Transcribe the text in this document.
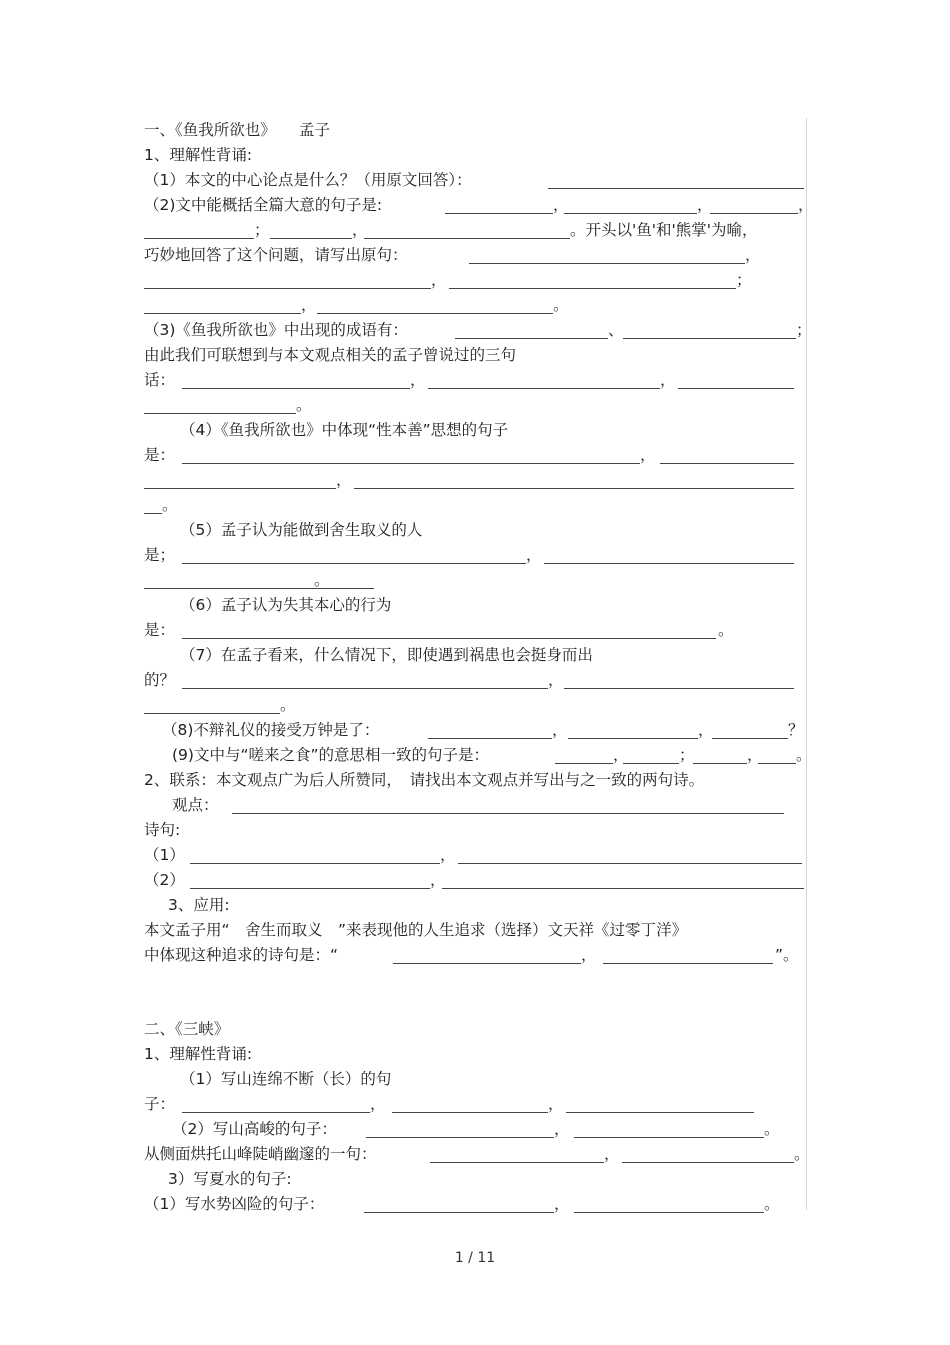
一、《鱼我所欲也》　　孟子
1、理解性背诵:
（1）本文的中心论点是什么？（用原文回答）：
（2)文中能概括全篇大意的句子是:	，	，	，
；	，	。开头以'鱼'和'熊掌'为喻，
巧妙地回答了这个问题，请写出原句：	，
，	；
，	。
（3)《鱼我所欲也》中出现的成语有：	、	；
由此我们可联想到与本文观点相关的孟子曾说过的三句
话：	，	，
。
（4）《鱼我所欲也》中体现“性本善”思想的句子
是：	，
，
。
（5）孟子认为能做到舍生取义的人
是；	，
。
（6）孟子认为失其本心的行为
是：	。
（7）在孟子看来，什么情况下，即使遇到祸患也会挺身而出
的？	，
。
（8)不辩礼仪的接受万钟是了：	，	，	？
(9)文中与“嗟来之食”的意思相一致的句子是：	，	；	， 。
2、联系：本文观点广为后人所赞同，　请找出本文观点并写出与之一致的两句诗。
观点：
诗句:
（1）	，
（2）	，
3、应用:
本文孟子用“　舍生而取义　”来表现他的人生追求（选择）文天祥《过零丁洋》
中体现这种追求的诗句是：“	，	”。
二、《三峡》
1、理解性背诵:
（1）写山连绵不断（长）的句
子：	，	，
（2）写山高峻的句子：	，	。
从侧面烘托山峰陡峭幽邃的一句：	，	。
3）写夏水的句子:
（1）写水势凶险的句子：	，	。
1 / 11
